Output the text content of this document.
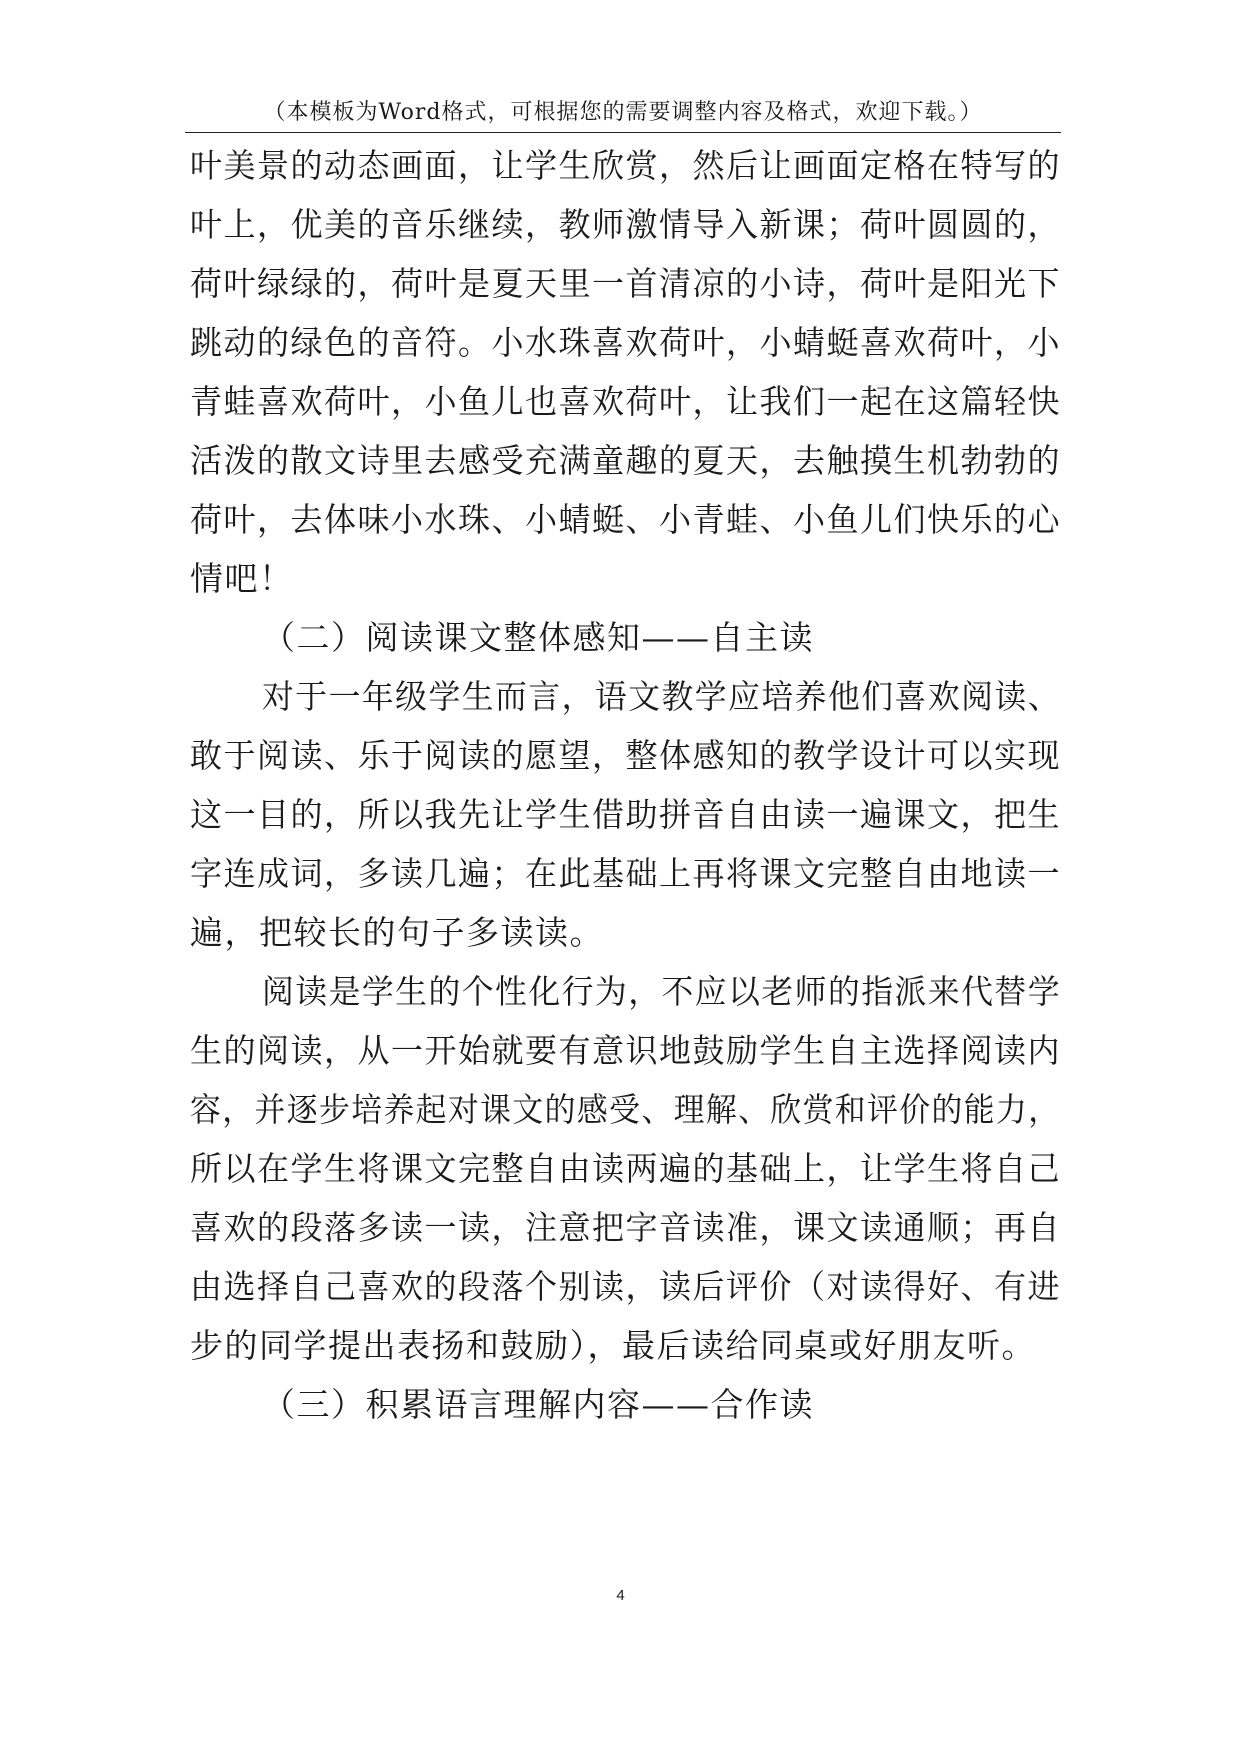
（本模板为Word格式，可根据您的需要调整内容及格式，欢迎下载。）
叶美景的动态画面，让学生欣赏，然后让画面定格在特写的
叶上，优美的音乐继续，教师激情导入新课；荷叶圆圆的，
荷叶绿绿的，荷叶是夏天里一首清凉的小诗，荷叶是阳光下
跳动的绿色的音符。小水珠喜欢荷叶，小蜻蜓喜欢荷叶，小
青蛙喜欢荷叶，小鱼儿也喜欢荷叶，让我们一起在这篇轻快
活泼的散文诗里去感受充满童趣的夏天，去触摸生机勃勃的
荷叶，去体味小水珠、小蜻蜓、小青蛙、小鱼儿们快乐的心
情吧！
（二）阅读课文整体感知——自主读
对于一年级学生而言，语文教学应培养他们喜欢阅读、
敢于阅读、乐于阅读的愿望，整体感知的教学设计可以实现
这一目的，所以我先让学生借助拼音自由读一遍课文，把生
字连成词，多读几遍；在此基础上再将课文完整自由地读一
遍，把较长的句子多读读。
阅读是学生的个性化行为，不应以老师的指派来代替学
生的阅读，从一开始就要有意识地鼓励学生自主选择阅读内
容，并逐步培养起对课文的感受、理解、欣赏和评价的能力，
所以在学生将课文完整自由读两遍的基础上，让学生将自己
喜欢的段落多读一读，注意把字音读准，课文读通顺；再自
由选择自己喜欢的段落个别读，读后评价（对读得好、有进
步的同学提出表扬和鼓励），最后读给同桌或好朋友听。
（三）积累语言理解内容——合作读
4
